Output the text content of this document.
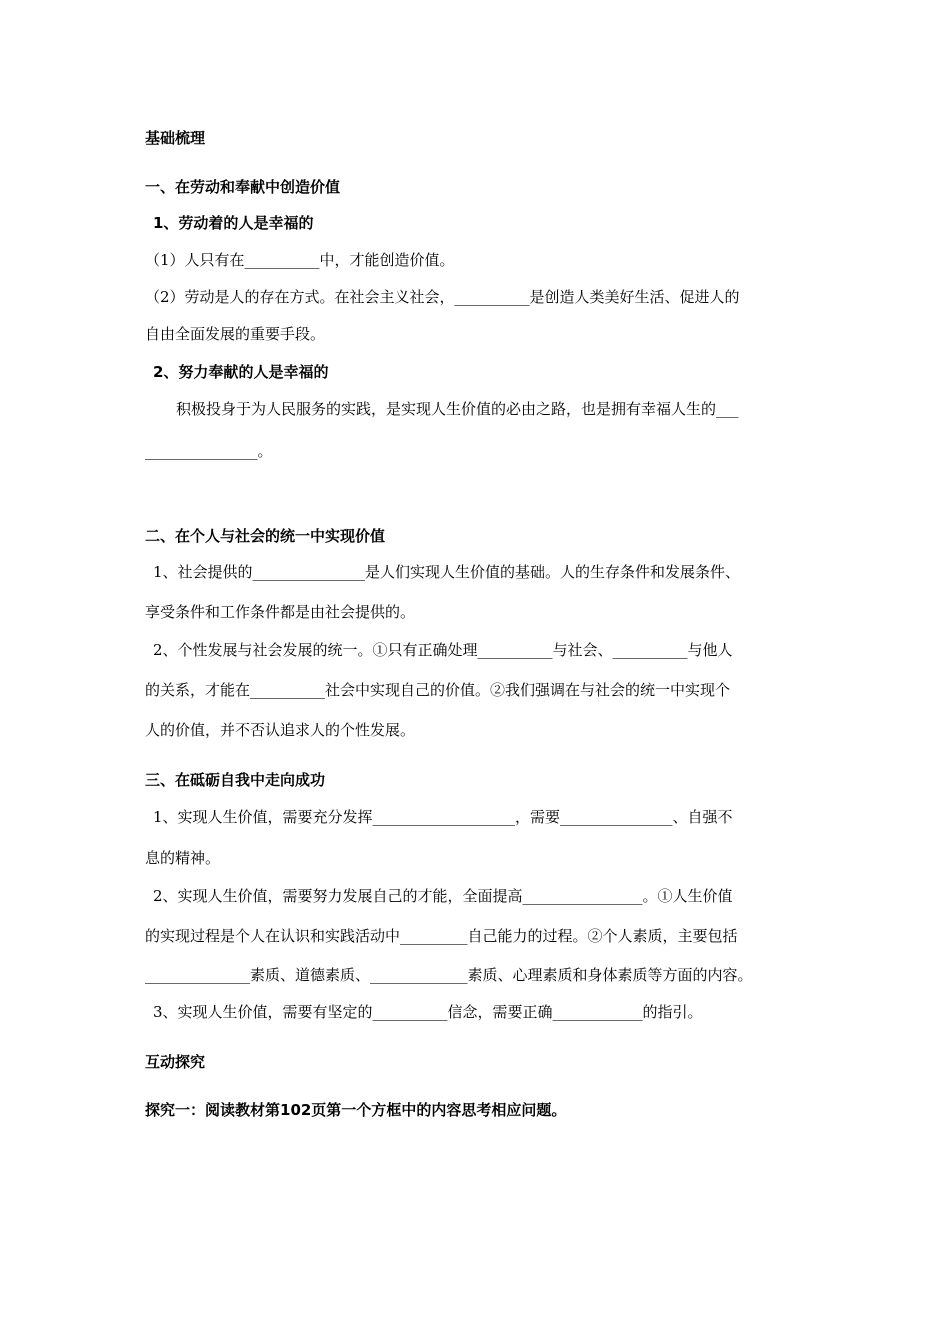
基础梳理
一、在劳动和奉献中创造价值
1、劳动着的人是幸福的
（1）人只有在__________中，才能创造价值。
（2）劳动是人的存在方式。在社会主义社会，__________是创造人类美好生活、促进人的
自由全面发展的重要手段。
2、努力奉献的人是幸福的
积极投身于为人民服务的实践，是实现人生价值的必由之路，也是拥有幸福人生的___
_______________。
二、在个人与社会的统一中实现价值
1、社会提供的_______________是人们实现人生价值的基础。人的生存条件和发展条件、
享受条件和工作条件都是由社会提供的。
2、个性发展与社会发展的统一。①只有正确处理__________与社会、__________与他人
的关系，才能在__________社会中实现自己的价值。②我们强调在与社会的统一中实现个
人的价值，并不否认追求人的个性发展。
三、在砥砺自我中走向成功
1、实现人生价值，需要充分发挥___________________，需要_______________、自强不
息的精神。
2、实现人生价值，需要努力发展自己的才能，全面提高________________。①人生价值
的实现过程是个人在认识和实践活动中_________自己能力的过程。②个人素质，主要包括
______________素质、道德素质、_____________素质、心理素质和身体素质等方面的内容。
3、实现人生价值，需要有坚定的__________信念，需要正确____________的指引。
互动探究
探究一：阅读教材第102页第一个方框中的内容思考相应问题。
